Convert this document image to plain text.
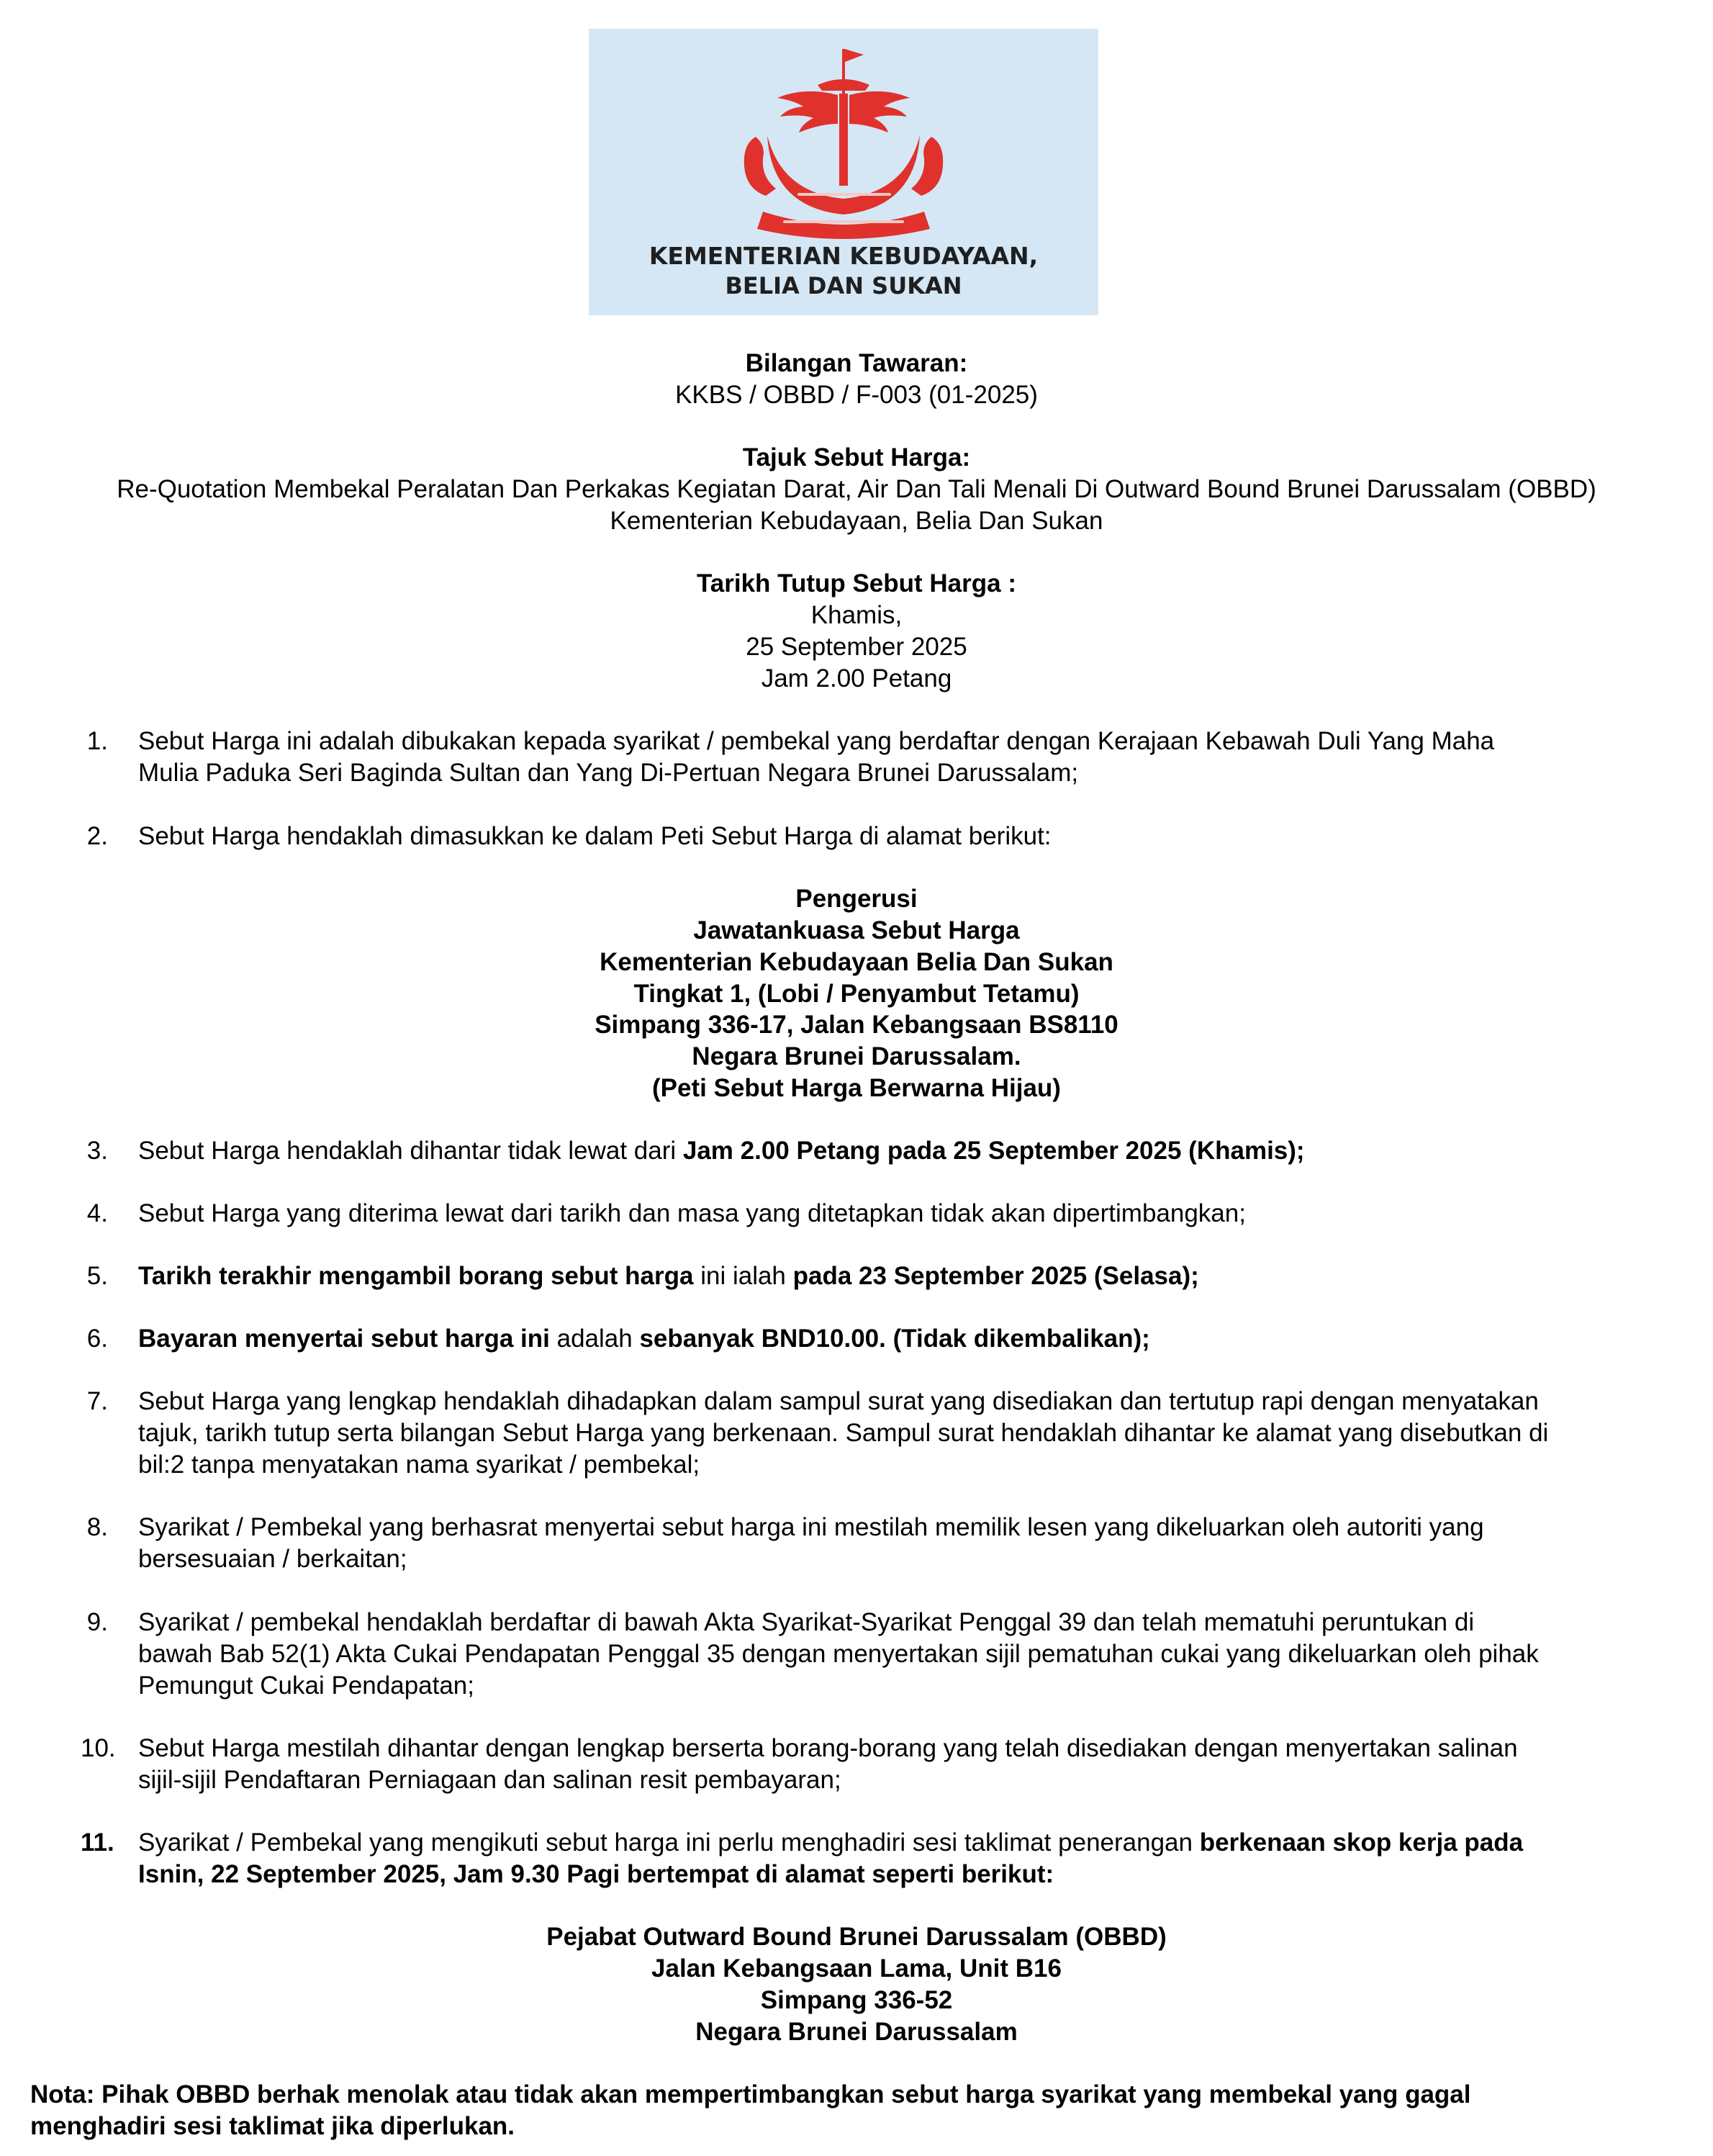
KEMENTERIAN KEBUDAYAAN,
BELIA DAN SUKAN
Bilangan Tawaran:
KKBS / OBBD / F-003 (01-2025)
Tajuk Sebut Harga:
Re-Quotation Membekal Peralatan Dan Perkakas Kegiatan Darat, Air Dan Tali Menali Di Outward Bound Brunei Darussalam (OBBD)
Kementerian Kebudayaan, Belia Dan Sukan
Tarikh Tutup Sebut Harga :
Khamis,
25 September 2025
Jam 2.00 Petang
1. Sebut Harga ini adalah dibukakan kepada syarikat / pembekal yang berdaftar dengan Kerajaan Kebawah Duli Yang Maha
Mulia Paduka Seri Baginda Sultan dan Yang Di-Pertuan Negara Brunei Darussalam;
2. Sebut Harga hendaklah dimasukkan ke dalam Peti Sebut Harga di alamat berikut:
3. Sebut Harga hendaklah dihantar tidak lewat dari Jam 2.00 Petang pada 25 September 2025 (Khamis);
4. Sebut Harga yang diterima lewat dari tarikh dan masa yang ditetapkan tidak akan dipertimbangkan;
5. Tarikh terakhir mengambil borang sebut harga ini ialah pada 23 September 2025 (Selasa);
6. Bayaran menyertai sebut harga ini adalah sebanyak BND10.00. (Tidak dikembalikan);
7. Sebut Harga yang lengkap hendaklah dihadapkan dalam sampul surat yang disediakan dan tertutup rapi dengan menyatakan
tajuk, tarikh tutup serta bilangan Sebut Harga yang berkenaan. Sampul surat hendaklah dihantar ke alamat yang disebutkan di
bil:2 tanpa menyatakan nama syarikat / pembekal;
8. Syarikat / Pembekal yang berhasrat menyertai sebut harga ini mestilah memilik lesen yang dikeluarkan oleh autoriti yang
bersesuaian / berkaitan;
9. Syarikat / pembekal hendaklah berdaftar di bawah Akta Syarikat-Syarikat Penggal 39 dan telah mematuhi peruntukan di
bawah Bab 52(1) Akta Cukai Pendapatan Penggal 35 dengan menyertakan sijil pematuhan cukai yang dikeluarkan oleh pihak
Pemungut Cukai Pendapatan;
10. Sebut Harga mestilah dihantar dengan lengkap berserta borang-borang yang telah disediakan dengan menyertakan salinan
sijil-sijil Pendaftaran Perniagaan dan salinan resit pembayaran;
11. Syarikat / Pembekal yang mengikuti sebut harga ini perlu menghadiri sesi taklimat penerangan berkenaan skop kerja pada
Isnin, 22 September 2025, Jam 9.30 Pagi bertempat di alamat seperti berikut:
Pengerusi
Jawatankuasa Sebut Harga
Kementerian Kebudayaan Belia Dan Sukan
Tingkat 1, (Lobi / Penyambut Tetamu)
Simpang 336-17, Jalan Kebangsaan BS8110
Negara Brunei Darussalam.
(Peti Sebut Harga Berwarna Hijau)
Pejabat Outward Bound Brunei Darussalam (OBBD)
Jalan Kebangsaan Lama, Unit B16
Simpang 336-52
Negara Brunei Darussalam
Nota: Pihak OBBD berhak menolak atau tidak akan mempertimbangkan sebut harga syarikat yang membekal yang gagal
menghadiri sesi taklimat jika diperlukan.
